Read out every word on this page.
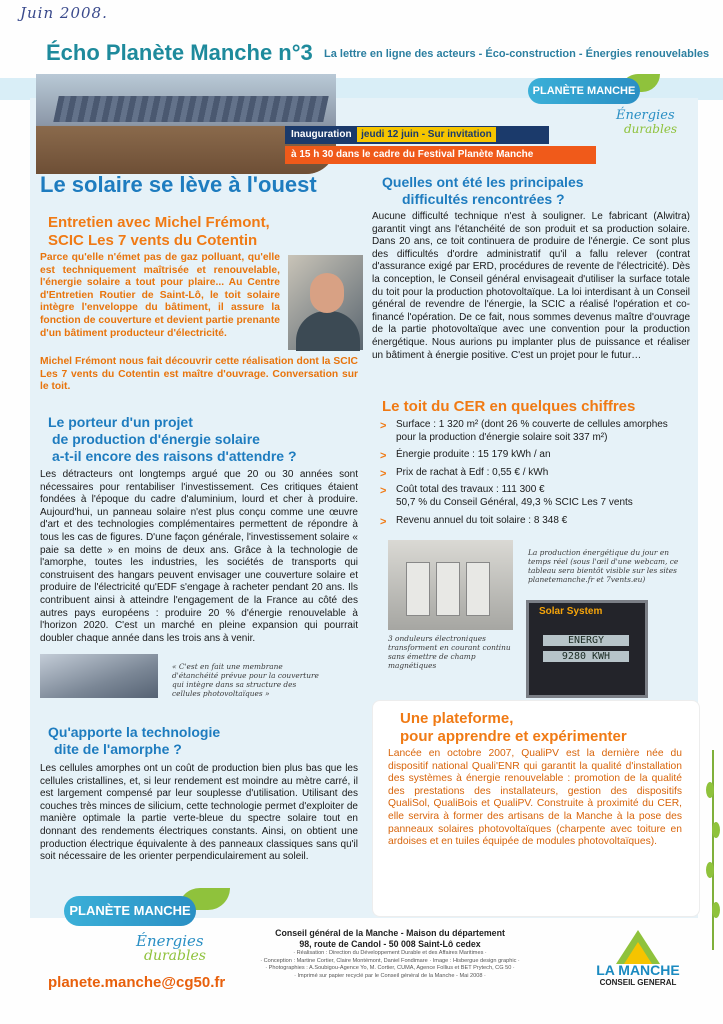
Juin 2008.
Écho Planète Manche n°3 La lettre en ligne des acteurs - Éco-construction - Énergies renouvelables
PLANÈTE MANCHE
Énergies
durables
Inauguration jeudi 12 juin - Sur invitation
à 15 h 30 dans le cadre du Festival Planète Manche
Le solaire se lève à l'ouest
Entretien avec Michel Frémont,
SCIC Les 7 vents du Cotentin
Parce qu'elle n'émet pas de gaz polluant, qu'elle est techniquement maîtrisée et renouvelable, l'énergie solaire a tout pour plaire... Au Centre d'Entretien Routier de Saint-Lô, le toit solaire intègre l'enveloppe du bâtiment, il assure la fonction de couverture et devient partie prenante d'un bâtiment producteur d'électricité.
Michel Frémont nous fait découvrir cette réalisation dont la SCIC Les 7 vents du Cotentin est maître d'ouvrage. Conversation sur le toit.
Le porteur d'un projet
de production d'énergie solaire
a-t-il encore des raisons d'attendre ?
Les détracteurs ont longtemps argué que 20 ou 30 années sont nécessaires pour rentabiliser l'investissement. Ces critiques étaient fondées à l'époque du cadre d'aluminium, lourd et cher à produire. Aujourd'hui, un panneau solaire n'est plus conçu comme une œuvre d'art et des technologies complémentaires permettent de répondre à tous les cas de figures. D'une façon générale, l'investissement solaire « paie sa dette » en moins de deux ans. Grâce à la technologie de l'amorphe, toutes les industries, les sociétés de transports qui construisent des hangars peuvent envisager une couverture solaire et produire de l'électricité qu'EDF s'engage à racheter pendant 20 ans. Ils contribuent ainsi à atteindre l'engagement de la France au côté des autres pays européens : produire 20 % d'énergie renouvelable à l'horizon 2020. C'est un marché en pleine expansion qui pourrait doubler chaque année dans les trois ans à venir.
« C'est en fait une membrane d'étanchéité prévue pour la couverture qui intègre dans sa structure des cellules photovoltaïques »
Qu'apporte la technologie
dite de l'amorphe ?
Les cellules amorphes ont un coût de production bien plus bas que les cellules cristallines, et, si leur rendement est moindre au mètre carré, il est largement compensé par leur souplesse d'utilisation. Utilisant des couches très minces de silicium, cette technologie permet d'exploiter de manière optimale la partie verte-bleue du spectre solaire tout en donnant des rendements électriques constants. Ainsi, on obtient une production électrique équivalente à des panneaux classiques sans qu'il soit nécessaire de les orienter perpendiculairement au soleil.
Quelles ont été les principales
difficultés rencontrées ?
Aucune difficulté technique n'est à souligner. Le fabricant (Alwitra) garantit vingt ans l'étanchéité de son produit et sa production solaire. Dans 20 ans, ce toit continuera de produire de l'énergie. Ce sont plus des difficultés d'ordre administratif qu'il a fallu relever (contrat d'assurance exigé par ERD, procédures de revente de l'électricité). Dès la conception, le Conseil général envisageait d'utiliser la surface totale du toit pour la production photovoltaïque. La loi interdisant à un Conseil général de revendre de l'énergie, la SCIC a réalisé l'opération et co-financé l'opération. De ce fait, nous sommes devenus maître d'ouvrage de la partie photovoltaïque avec une convention pour la production énergétique. Nous aurions pu implanter plus de puissance et réaliser un bâtiment à énergie positive. C'est un projet pour le futur…
Le toit du CER en quelques chiffres
> Surface : 1 320 m² (dont 26 % couverte de cellules amorphes
pour la production d'énergie solaire soit 337 m²)
> Énergie produite : 15 179 kWh / an
> Prix de rachat à Edf : 0,55 € / kWh
> Coût total des travaux : 111 300 €
50,7 % du Conseil Général, 49,3 % SCIC Les 7 vents
> Revenu annuel du toit solaire : 8 348 €
La production énergétique du jour en temps réel (sous l'œil d'une webcam, ce tableau sera bientôt visible sur les sites planetemanche.fr et 7vents.eu)
3 onduleurs électroniques transforment en courant continu sans émettre de champ magnétiques
Solar System
ENERGY
9280 KWH
Une plateforme,
pour apprendre et expérimenter
Lancée en octobre 2007, QualiPV est la dernière née du dispositif national Quali'ENR qui garantit la qualité d'installation des systèmes à énergie renouvelable : promotion de la qualité des prestations des installateurs, gestion des dispositifs QualiSol, QualiBois et QualiPV. Construite à proximité du CER, elle servira à former des artisans de la Manche à la pose des panneaux solaires photovoltaïques (charpente avec toiture en ardoises et en tuiles équipée de modules photovoltaïques).
PLANÈTE MANCHE
Énergies
durables
planete.manche@cg50.fr
Conseil général de la Manche - Maison du département
98, route de Candol - 50 008 Saint-Lô cedex
· Réalisation : Direction du Développement Durable et des Affaires Maritimes ·
· Conception : Martine Cortier, Claire Montémont, Daniel Fondimare · Image : Hisbergue design graphic ·
· Photographies : A.Soubigou-Agence Yo, M. Cortier, CUMA, Agence Follius et BET Prytech, CG 50 ·
· Imprimé sur papier recyclé par le Conseil général de la Manche - Mai 2008 ·	LA MANCHE
CONSEIL GENERAL
